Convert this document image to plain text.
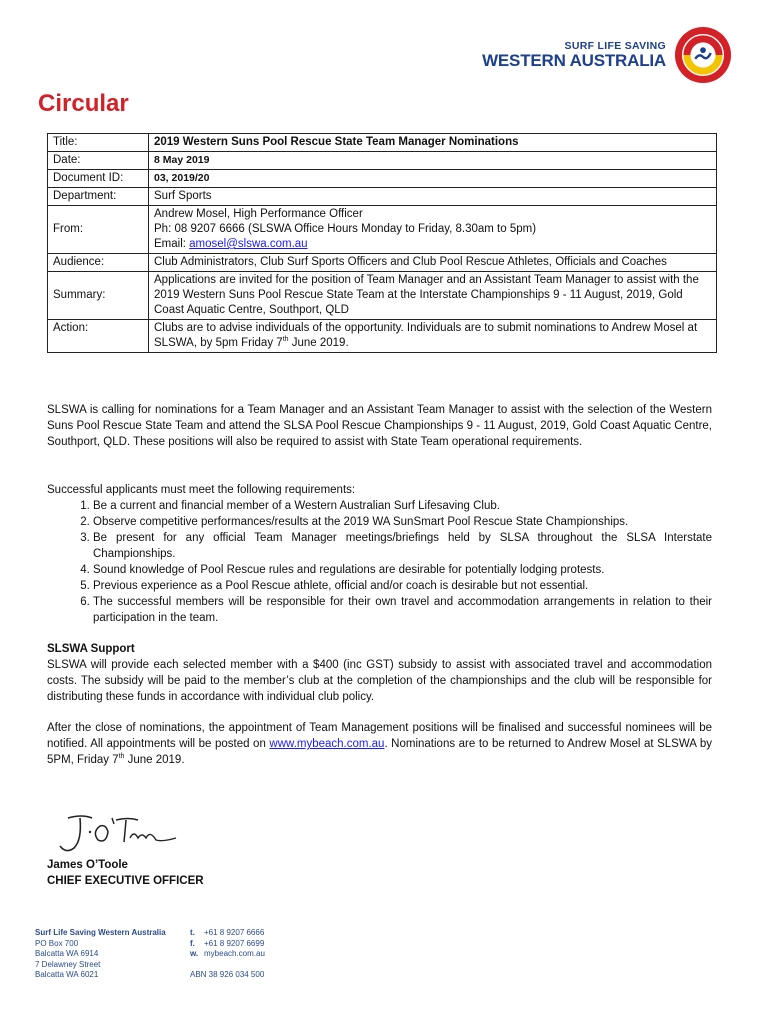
SURF LIFE SAVING
WESTERN AUSTRALIA
Circular
Title:	2019 Western Suns Pool Rescue State Team Manager Nominations
Date:	8 May 2019
Document ID:	03, 2019/20
Department:	Surf Sports
From:	Andrew Mosel, High Performance Officer
Ph: 08 9207 6666 (SLSWA Office Hours Monday to Friday, 8.30am to 5pm)
Email: amosel@slswa.com.au

Audience:	Club Administrators, Club Surf Sports Officers and Club Pool Rescue Athletes, Officials and Coaches
Summary:	Applications are invited for the position of Team Manager and an Assistant Team Manager to assist with the 2019 Western Suns Pool Rescue State Team at the Interstate Championships 9 - 11 August, 2019, Gold Coast Aquatic Centre, Southport, QLD
Action:	Clubs are to advise individuals of the opportunity. Individuals are to submit nominations to Andrew Mosel at SLSWA, by 5pm Friday 7th June 2019.
SLSWA is calling for nominations for a Team Manager and an Assistant Team Manager to assist with the selection of the Western Suns Pool Rescue State Team and attend the SLSA Pool Rescue Championships 9 - 11 August, 2019, Gold Coast Aquatic Centre, Southport, QLD. These positions will also be required to assist with State Team operational requirements.
Successful applicants must meet the following requirements:
1. Be a current and financial member of a Western Australian Surf Lifesaving Club.
2. Observe competitive performances/results at the 2019 WA SunSmart Pool Rescue State Championships.
3. Be present for any official Team Manager meetings/briefings held by SLSA throughout the SLSA Interstate Championships.
4. Sound knowledge of Pool Rescue rules and regulations are desirable for potentially lodging protests.
5. Previous experience as a Pool Rescue athlete, official and/or coach is desirable but not essential.
6. The successful members will be responsible for their own travel and accommodation arrangements in relation to their participation in the team.
SLSWA Support
SLSWA will provide each selected member with a $400 (inc GST) subsidy to assist with associated travel and accommodation costs. The subsidy will be paid to the member’s club at the completion of the championships and the club will be responsible for distributing these funds in accordance with individual club policy.
After the close of nominations, the appointment of Team Management positions will be finalised and successful nominees will be notified. All appointments will be posted on www.mybeach.com.au. Nominations are to be returned to Andrew Mosel at SLSWA by 5PM, Friday 7th June 2019.
James O’Toole
CHIEF EXECUTIVE OFFICER
Surf Life Saving Western Australia
PO Box 700
Balcatta WA 6914
7 Delawney Street
Balcatta WA 6021
t. +61 8 9207 6666
f. +61 8 9207 6699
w. mybeach.com.au
ABN 38 926 034 500
